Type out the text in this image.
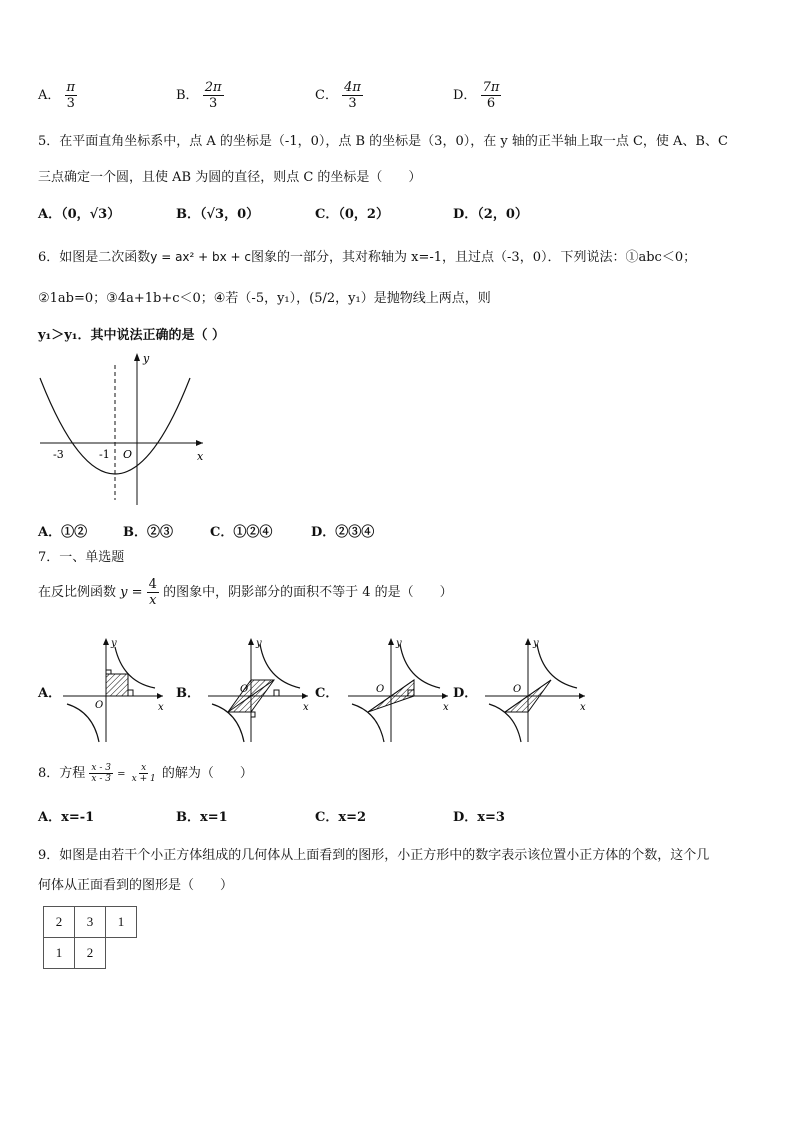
A． $\frac{\pi}{3}$	B． $\frac{2\pi}{3}$	C． $\frac{4\pi}{3}$	D． $\frac{7\pi}{6}$
5．在平面直角坐标系中，点 A 的坐标是（-1，0），点 B 的坐标是（3，0），在 y 轴的正半轴上取一点 C，使 A、B、C
三点确定一个圆，且使 AB 为圆的直径，则点 C 的坐标是（　　）
A．（0，√3）	B．（√3，0）	C．（0，2）	D．（2，0）
6．如图是二次函数y = ax² + bx + c图象的一部分，其对称轴为 x=-1，且过点（-3，0）．下列说法：①abc＜0；
②1ab=0；③4a+1b+c＜0；④若（-5，y₁），(5/2，y₁）是抛物线上两点，则
y₁＞y₁．其中说法正确的是（ ）
y
x
O
-3	-1
A．①②	B．②③	C．①②④	D．②③④
7．一、单选题
在反比例函数 $y = \frac{4}{x}$ 的图象中，阴影部分的面积不等于 4 的是（　　）
A．	B．	C．	D．
y
x
O
y
x
O
y
x
O
y
x
O
8．方程 $\frac{x - 3}{x - 3} = \frac{x}{x + 1}$ 的解为（　　）
A．x=-1	B．x=1	C．x=2	D．x=3
9．如图是由若干个小正方体组成的几何体从上面看到的图形，小正方形中的数字表示该位置小正方体的个数，这个几
何体从正面看到的图形是（　　）
2	3	1
1	2	
